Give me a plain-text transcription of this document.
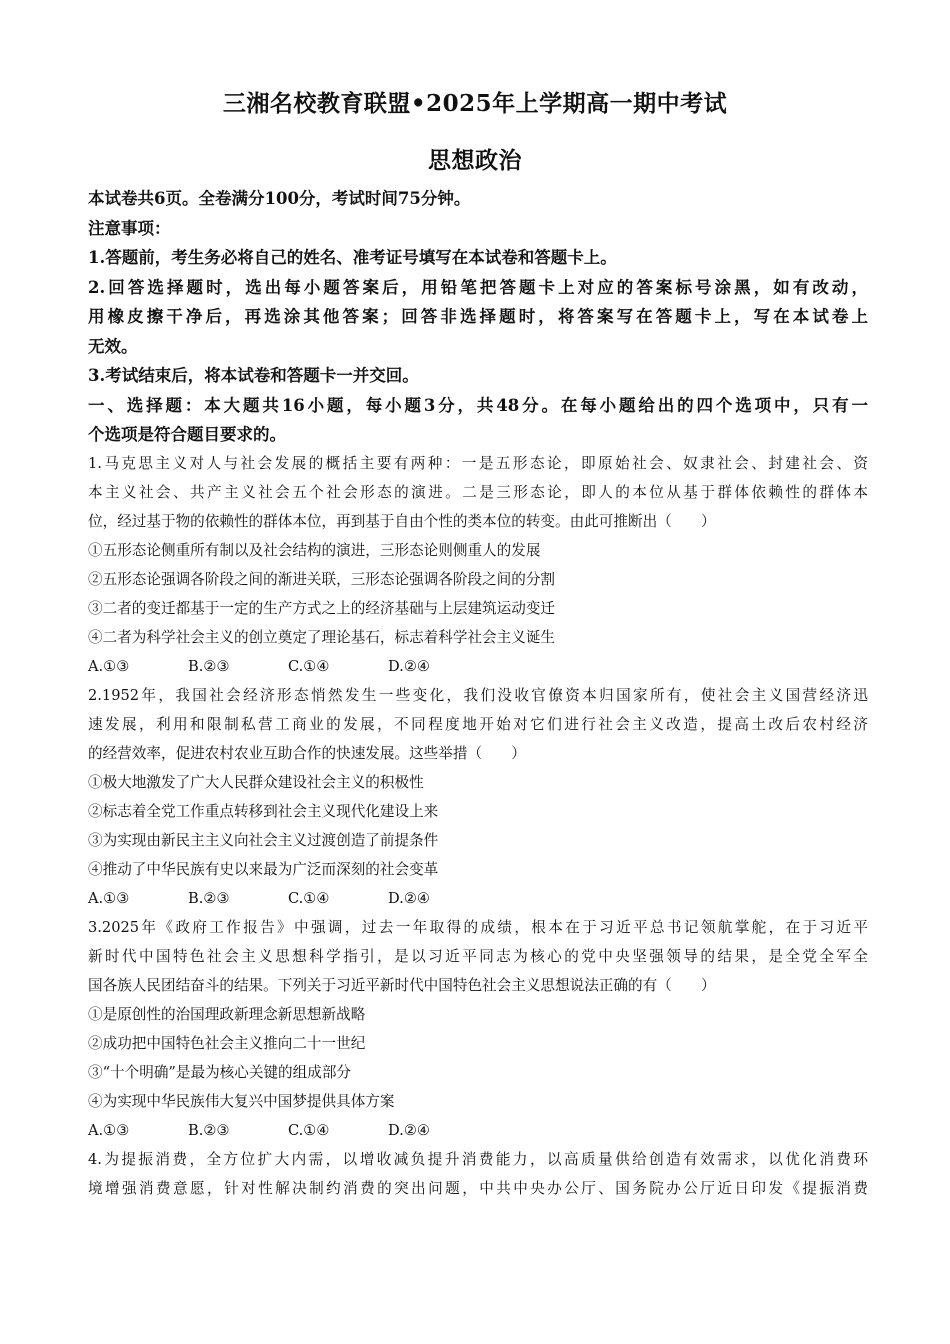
三湘名校教育联盟•2025年上学期高一期中考试
思想政治
本试卷共6页。全卷满分100分，考试时间75分钟。
注意事项：
1.答题前，考生务必将自己的姓名、准考证号填写在本试卷和答题卡上。
2.回答选择题时，选出每小题答案后，用铅笔把答题卡上对应的答案标号涂黑，如有改动，
用橡皮擦干净后，再选涂其他答案；回答非选择题时，将答案写在答题卡上，写在本试卷上
无效。
3.考试结束后，将本试卷和答题卡一并交回。
一、选择题：本大题共16小题，每小题3分，共48分。在每小题给出的四个选项中，只有一
个选项是符合题目要求的。
1.马克思主义对人与社会发展的概括主要有两种：一是五形态论，即原始社会、奴隶社会、封建社会、资
本主义社会、共产主义社会五个社会形态的演进。二是三形态论，即人的本位从基于群体依赖性的群体本
位，经过基于物的依赖性的群体本位，再到基于自由个性的类本位的转变。由此可推断出（　　）
①五形态论侧重所有制以及社会结构的演进，三形态论则侧重人的发展
②五形态论强调各阶段之间的渐进关联，三形态论强调各阶段之间的分割
③二者的变迁都基于一定的生产方式之上的经济基础与上层建筑运动变迁
④二者为科学社会主义的创立奠定了理论基石，标志着科学社会主义诞生
A.①③	B.②③	C.①④	D.②④
2.1952年，我国社会经济形态悄然发生一些变化，我们没收官僚资本归国家所有，使社会主义国营经济迅
速发展，利用和限制私营工商业的发展，不同程度地开始对它们进行社会主义改造，提高土改后农村经济
的经营效率，促进农村农业互助合作的快速发展。这些举措（　　）
①极大地激发了广大人民群众建设社会主义的积极性
②标志着全党工作重点转移到社会主义现代化建设上来
③为实现由新民主主义向社会主义过渡创造了前提条件
④推动了中华民族有史以来最为广泛而深刻的社会变革
A.①③	B.②③	C.①④	D.②④
3.2025年《政府工作报告》中强调，过去一年取得的成绩，根本在于习近平总书记领航掌舵，在于习近平
新时代中国特色社会主义思想科学指引，是以习近平同志为核心的党中央坚强领导的结果，是全党全军全
国各族人民团结奋斗的结果。下列关于习近平新时代中国特色社会主义思想说法正确的有（　　）
①是原创性的治国理政新理念新思想新战略
②成功把中国特色社会主义推向二十一世纪
③“十个明确”是最为核心关键的组成部分
④为实现中华民族伟大复兴中国梦提供具体方案
A.①③	B.②③	C.①④	D.②④
4.为提振消费，全方位扩大内需，以增收减负提升消费能力，以高质量供给创造有效需求，以优化消费环
境增强消费意愿，针对性解决制约消费的突出问题，中共中央办公厅、国务院办公厅近日印发《提振消费
